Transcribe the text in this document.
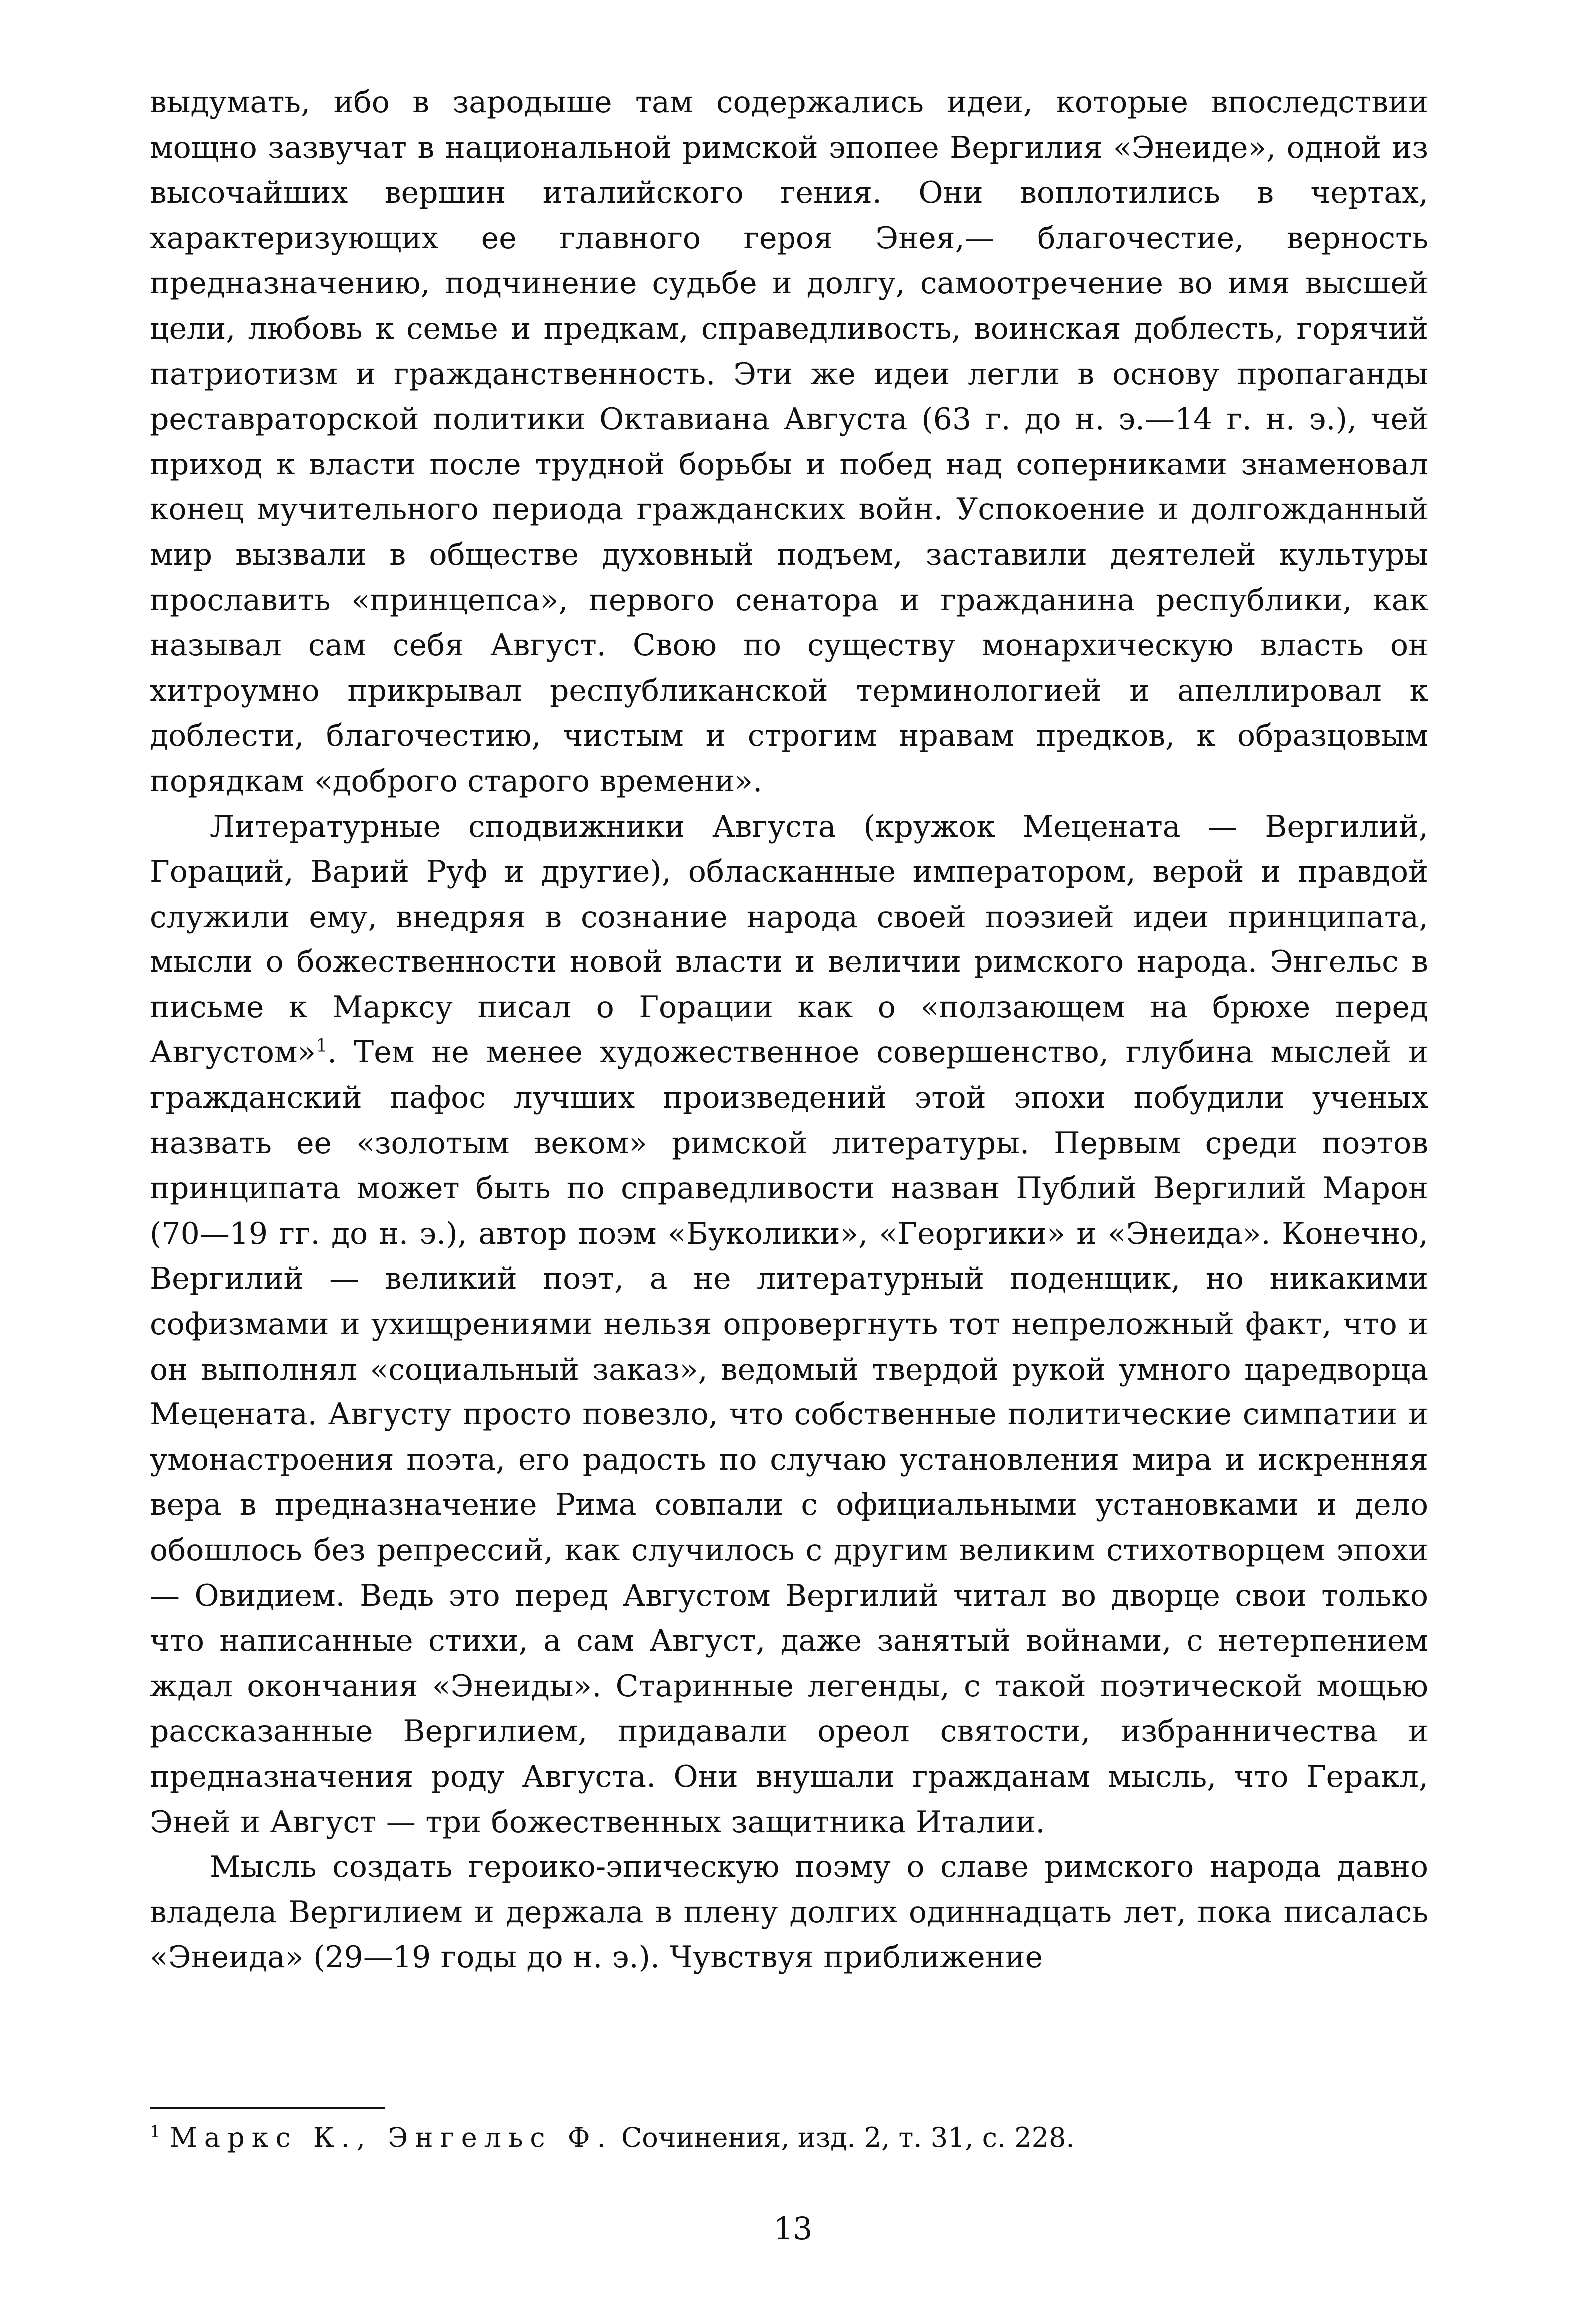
выдумать, ибо в зародыше там содержались идеи, которые впоследствии мощно зазвучат в национальной римской эпопее Вергилия «Энеиде», одной из высочайших вершин италийского гения. Они воплотились в чертах, характеризующих ее главного героя Энея,— благочестие, верность предназначению, подчинение судьбе и долгу, самоотречение во имя высшей цели, любовь к семье и предкам, справедливость, воинская доблесть, горячий патриотизм и гражданственность. Эти же идеи легли в основу пропаганды реставраторской политики Октавиана Августа (63 г. до н. э.—14 г. н. э.), чей приход к власти после трудной борьбы и побед над соперниками знаменовал конец мучительного периода гражданских войн. Успокоение и долгожданный мир вызвали в обществе духовный подъем, заставили деятелей культуры прославить «принцепса», первого сенатора и гражданина республики, как называл сам себя Август. Свою по существу монархическую власть он хитроумно прикрывал республиканской терминологией и апеллировал к доблести, благочестию, чистым и строгим нравам предков, к образцовым порядкам «доброго старого времени».

Литературные сподвижники Августа (кружок Мецената — Вергилий, Гораций, Варий Руф и другие), обласканные императором, верой и правдой служили ему, внедряя в сознание народа своей поэзией идеи принципата, мысли о божественности новой власти и величии римского народа. Энгельс в письме к Марксу писал о Горации как о «ползающем на брюхе перед Августом»$^1$. Тем не менее художественное совершенство, глубина мыслей и гражданский пафос лучших произведений этой эпохи побудили ученых назвать ее «золотым веком» римской литературы. Первым среди поэтов принципата может быть по справедливости назван Публий Вергилий Марон (70—19 гг. до н. э.), автор поэм «Буколики», «Георгики» и «Энеида». Конечно, Вергилий — великий поэт, а не литературный поденщик, но никакими софизмами и ухищрениями нельзя опровергнуть тот непреложный факт, что и он выполнял «социальный заказ», ведомый твердой рукой умного царедворца Мецената. Августу просто повезло, что собственные политические симпатии и умонастроения поэта, его радость по случаю установления мира и искренняя вера в предназначение Рима совпали с официальными установками и дело обошлось без репрессий, как случилось с другим великим стихотворцем эпохи — Овидием. Ведь это перед Августом Вергилий читал во дворце свои только что написанные стихи, а сам Август, даже занятый войнами, с нетерпением ждал окончания «Энеиды». Старинные легенды, с такой поэтической мощью рассказанные Вергилием, придавали ореол святости, избранничества и предназначения роду Августа. Они внушали гражданам мысль, что Геракл, Эней и Август — три божественных защитника Италии.

Мысль создать героико-эпическую поэму о славе римского народа давно владела Вергилием и держала в плену долгих одиннадцать лет, пока писалась «Энеида» (29—19 годы до н. э.). Чувствуя приближение

$^1$ Маркс К., Энгельс Ф. Сочинения, изд. 2, т. 31, с. 228.
13
